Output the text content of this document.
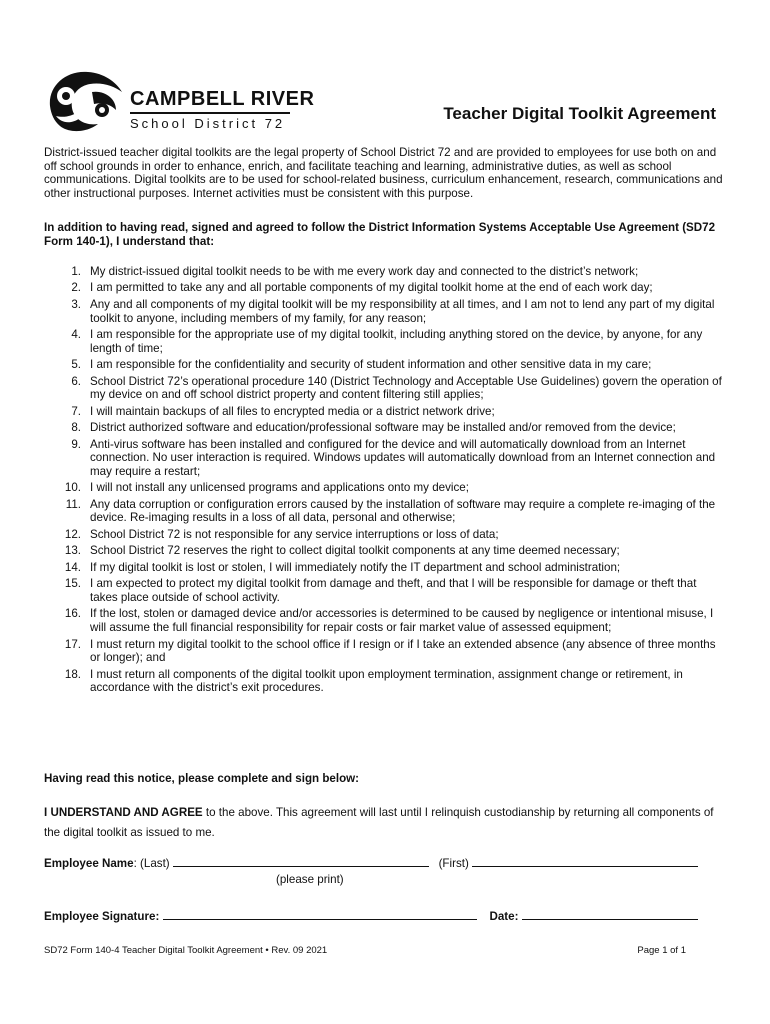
CAMPBELL RIVER
School District 72
Teacher Digital Toolkit Agreement

District-issued teacher digital toolkits are the legal property of School District 72 and are provided to employees for use both on and off school grounds in order to enhance, enrich, and facilitate teaching and learning, administrative duties, as well as school communications. Digital toolkits are to be used for school-related business, curriculum enhancement, research, communications and other instructional purposes. Internet activities must be consistent with this purpose.

In addition to having read, signed and agreed to follow the District Information Systems Acceptable Use Agreement (SD72 Form 140-1), I understand that:

1. My district-issued digital toolkit needs to be with me every work day and connected to the district’s network;
2. I am permitted to take any and all portable components of my digital toolkit home at the end of each work day;
3. Any and all components of my digital toolkit will be my responsibility at all times, and I am not to lend any part of my digital toolkit to anyone, including members of my family, for any reason;
4. I am responsible for the appropriate use of my digital toolkit, including anything stored on the device, by anyone, for any length of time;
5. I am responsible for the confidentiality and security of student information and other sensitive data in my care;
6. School District 72’s operational procedure 140 (District Technology and Acceptable Use Guidelines) govern the operation of my device on and off school district property and content filtering still applies;
7. I will maintain backups of all files to encrypted media or a district network drive;
8. District authorized software and education/professional software may be installed and/or removed from the device;
9. Anti-virus software has been installed and configured for the device and will automatically download from an Internet connection. No user interaction is required. Windows updates will automatically download from an Internet connection and may require a restart;
10. I will not install any unlicensed programs and applications onto my device;
11. Any data corruption or configuration errors caused by the installation of software may require a complete re-imaging of the device. Re-imaging results in a loss of all data, personal and otherwise;
12. School District 72 is not responsible for any service interruptions or loss of data;
13. School District 72 reserves the right to collect digital toolkit components at any time deemed necessary;
14. If my digital toolkit is lost or stolen, I will immediately notify the IT department and school administration;
15. I am expected to protect my digital toolkit from damage and theft, and that I will be responsible for damage or theft that takes place outside of school activity.
16. If the lost, stolen or damaged device and/or accessories is determined to be caused by negligence or intentional misuse, I will assume the full financial responsibility for repair costs or fair market value of assessed equipment;
17. I must return my digital toolkit to the school office if I resign or if I take an extended absence (any absence of three months or longer); and
18. I must return all components of the digital toolkit upon employment termination, assignment change or retirement, in accordance with the district’s exit procedures.

Having read this notice, please complete and sign below:

I UNDERSTAND AND AGREE to the above. This agreement will last until I relinquish custodianship by returning all components of the digital toolkit as issued to me.

Employee Name: (Last)	(First)
(please print)
Employee Signature:	Date:
SD72 Form 140-4 Teacher Digital Toolkit Agreement • Rev. 09 2021	Page 1 of 1
